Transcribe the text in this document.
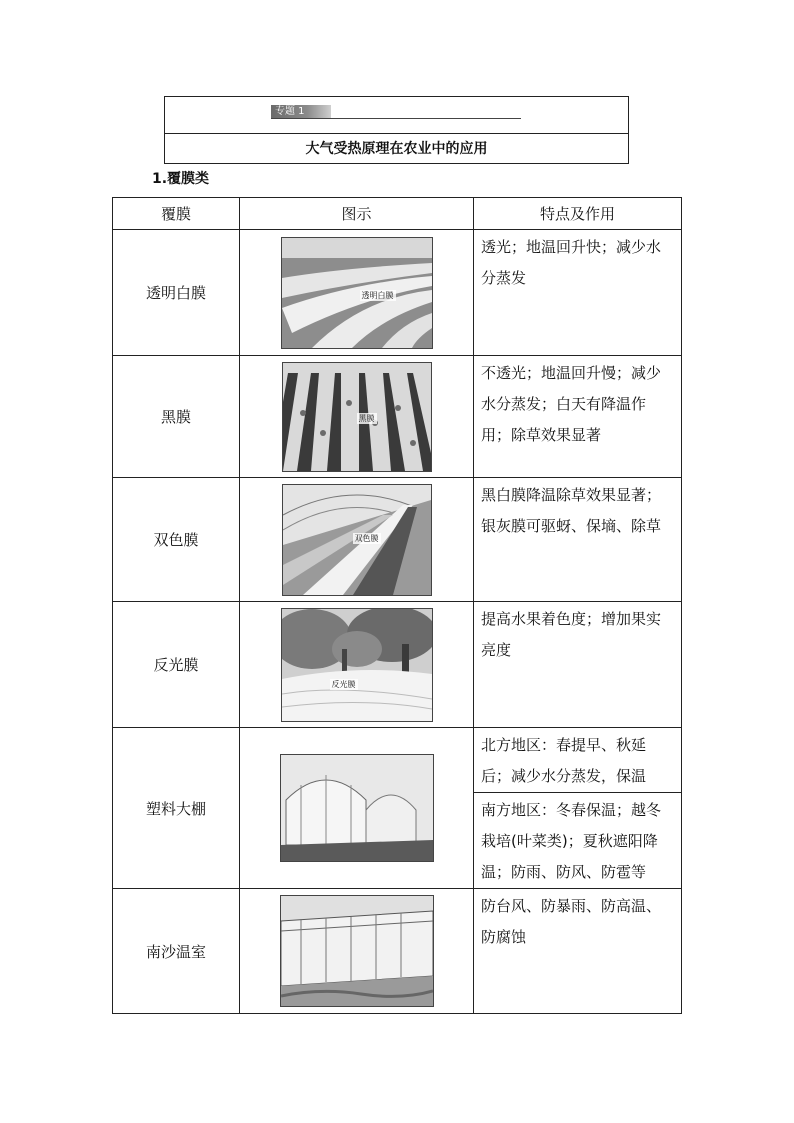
专题 1
大气受热原理在农业中的应用
1.覆膜类
覆膜	图示	特点及作用
透明白膜	透明白膜	透光；地温回升快；减少水分蒸发
黑膜	黑膜	不透光；地温回升慢；减少水分蒸发；白天有降温作用；除草效果显著
双色膜	双色膜	黑白膜降温除草效果显著；银灰膜可驱蚜、保墒、除草
反光膜	反光膜	提高水果着色度；增加果实亮度
塑料大棚		北方地区：春提早、秋延后；减少水分蒸发，保温
		南方地区：冬春保温；越冬栽培(叶菜类)；夏秋遮阳降温；防雨、防风、防雹等
南沙温室		防台风、防暴雨、防高温、防腐蚀
